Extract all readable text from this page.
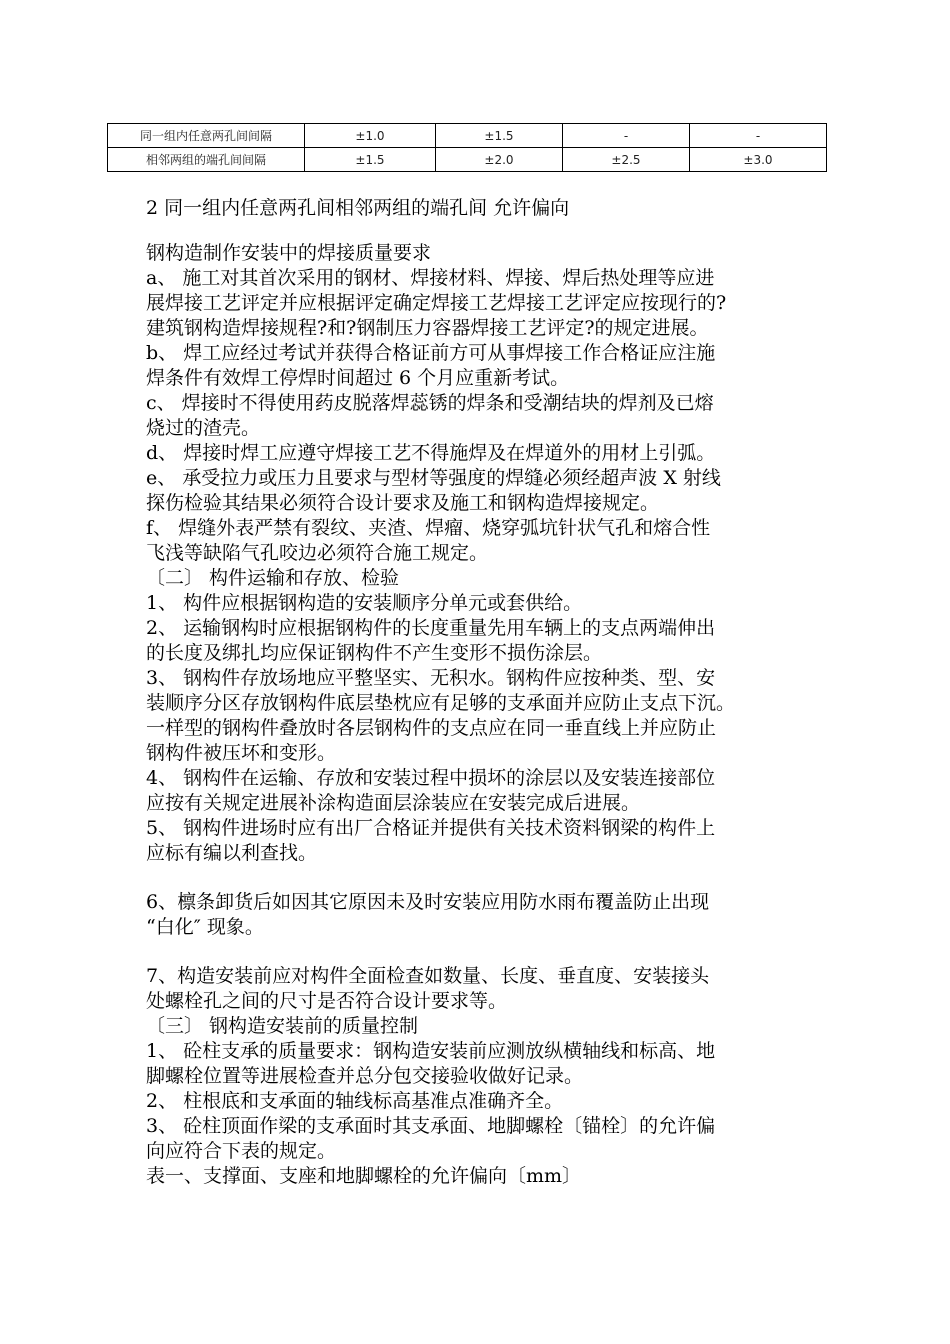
同一组内任意两孔间间隔	±1.0	±1.5	-	-
相邻两组的端孔间间隔	±1.5	±2.0	±2.5	±3.0

2 同一组内任意两孔间相邻两组的端孔间 允许偏向

钢构造制作安装中的焊接质量要求

a、 施工对其首次采用的钢材、焊接材料、焊接、焊后热处理等应进

展焊接工艺评定并应根据评定确定焊接工艺焊接工艺评定应按现行的?

建筑钢构造焊接规程?和?钢制压力容器焊接工艺评定?的规定进展。

b、 焊工应经过考试并获得合格证前方可从事焊接工作合格证应注施

焊条件有效焊工停焊时间超过 6 个月应重新考试。

c、 焊接时不得使用药皮脱落焊蕊锈的焊条和受潮结块的焊剂及已熔

烧过的渣壳。

d、 焊接时焊工应遵守焊接工艺不得施焊及在焊道外的用材上引弧。

e、 承受拉力或压力且要求与型材等强度的焊缝必须经超声波 X 射线

探伤检验其结果必须符合设计要求及施工和钢构造焊接规定。

f、 焊缝外表严禁有裂纹、夹渣、焊瘤、烧穿弧坑针状气孔和熔合性

飞浅等缺陷气孔咬边必须符合施工规定。

〔二〕 构件运输和存放、检验

1、 构件应根据钢构造的安装顺序分单元或套供给。

2、 运输钢构时应根据钢构件的长度重量先用车辆上的支点两端伸出

的长度及绑扎均应保证钢构件不产生变形不损伤涂层。

3、 钢构件存放场地应平整坚实、无积水。钢构件应按种类、型、安

装顺序分区存放钢构件底层垫枕应有足够的支承面并应防止支点下沉。

一样型的钢构件叠放时各层钢构件的支点应在同一垂直线上并应防止

钢构件被压坏和变形。

4、 钢构件在运输、存放和安装过程中损坏的涂层以及安装连接部位

应按有关规定进展补涂构造面层涂装应在安装完成后进展。

5、 钢构件进场时应有出厂合格证并提供有关技术资料钢梁的构件上

应标有编以利查找。

6、檩条卸货后如因其它原因未及时安装应用防水雨布覆盖防止出现

“白化″ 现象。

7、构造安装前应对构件全面检查如数量、长度、垂直度、安装接头

处螺栓孔之间的尺寸是否符合设计要求等。

〔三〕 钢构造安装前的质量控制

1、 砼柱支承的质量要求：钢构造安装前应测放纵横轴线和标高、地

脚螺栓位置等进展检查并总分包交接验收做好记录。

2、 柱根底和支承面的轴线标高基准点准确齐全。

3、 砼柱顶面作梁的支承面时其支承面、地脚螺栓〔锚栓〕的允许偏

向应符合下表的规定。

表一、支撑面、支座和地脚螺栓的允许偏向〔mm〕
